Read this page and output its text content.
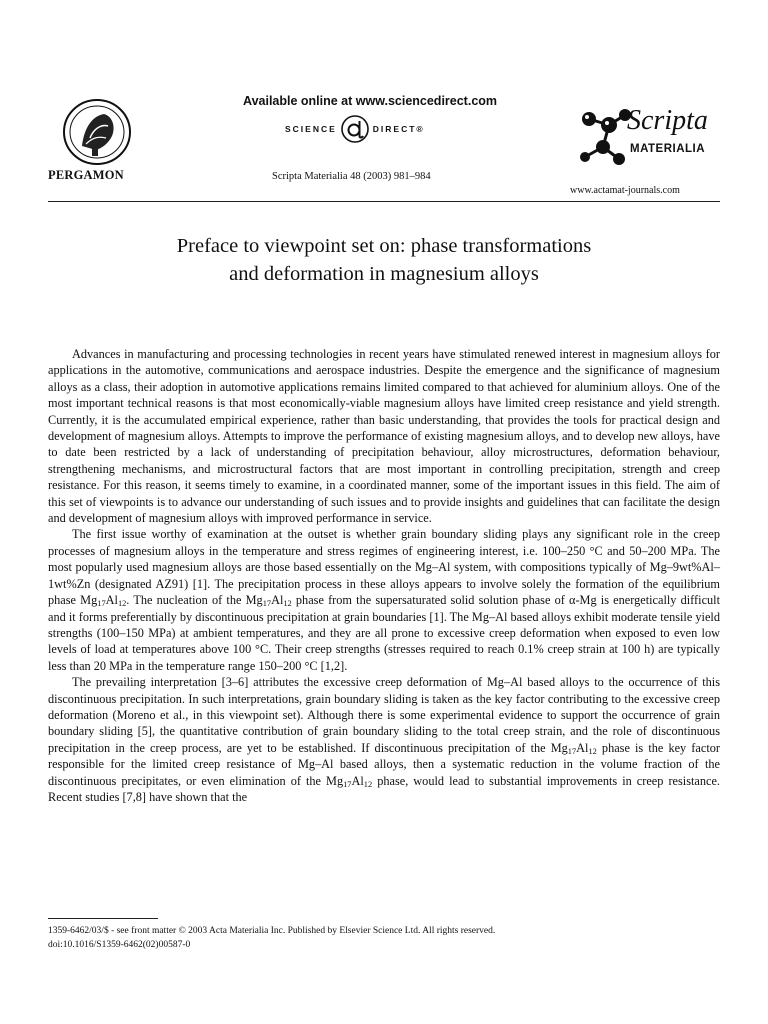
PERGAMON
Available online at www.sciencedirect.com
SCIENCE	DIRECT®
Scripta Materialia 48 (2003) 981–984
Scripta
MATERIALIA
www.actamat-journals.com
Preface to viewpoint set on: phase transformations
and deformation in magnesium alloys

Advances in manufacturing and processing technologies in recent years have stimulated renewed interest in magnesium alloys for applications in the automotive, communications and aerospace industries. Despite the emergence and the significance of magnesium alloys as a class, their adoption in automotive applications remains limited compared to that achieved for aluminium alloys. One of the most important technical reasons is that most economically-viable magnesium alloys have limited creep resistance and yield strength. Currently, it is the accumulated empirical experience, rather than basic understanding, that provides the tools for practical design and development of magnesium alloys. Attempts to improve the performance of existing magnesium alloys, and to develop new alloys, have to date been restricted by a lack of understanding of precipitation behaviour, alloy microstructures, deformation behaviour, strengthening mechanisms, and microstructural factors that are most important in controlling precipitation, strength and creep resistance. For this reason, it seems timely to examine, in a coordinated manner, some of the important issues in this field. The aim of this set of viewpoints is to advance our understanding of such issues and to provide insights and guidelines that can facilitate the design and development of magnesium alloys with improved performance in service.

The first issue worthy of examination at the outset is whether grain boundary sliding plays any significant role in the creep processes of magnesium alloys in the temperature and stress regimes of engineering interest, i.e. 100–250 °C and 50–200 MPa. The most popularly used magnesium alloys are those based essentially on the Mg–Al system, with compositions typically of Mg–9wt%Al–1wt%Zn (designated AZ91) [1]. The precipitation process in these alloys appears to involve solely the formation of the equilibrium phase $Mg_{17}Al_{12}$. The nucleation of the $Mg_{17}Al_{12}$ phase from the supersaturated solid solution phase of α-Mg is energetically difficult and it forms preferentially by discontinuous precipitation at grain boundaries [1]. The Mg–Al based alloys exhibit moderate tensile yield strengths (100–150 MPa) at ambient temperatures, and they are all prone to excessive creep deformation when exposed to even low levels of load at temperatures above 100 °C. Their creep strengths (stresses required to reach 0.1% creep strain at 100 h) are typically less than 20 MPa in the temperature range 150–200 °C [1,2].

The prevailing interpretation [3–6] attributes the excessive creep deformation of Mg–Al based alloys to the occurrence of this discontinuous precipitation. In such interpretations, grain boundary sliding is taken as the key factor contributing to the excessive creep deformation (Moreno et al., in this viewpoint set). Although there is some experimental evidence to support the occurrence of grain boundary sliding [5], the quantitative contribution of grain boundary sliding to the total creep strain, and the role of discontinuous precipitation in the creep process, are yet to be established. If discontinuous precipitation of the $Mg_{17}Al_{12}$ phase is the key factor responsible for the limited creep resistance of Mg–Al based alloys, then a systematic reduction in the volume fraction of the discontinuous precipitates, or even elimination of the $Mg_{17}Al_{12}$ phase, would lead to substantial improvements in creep resistance. Recent studies [7,8] have shown that the

1359-6462/03/$ - see front matter © 2003 Acta Materialia Inc. Published by Elsevier Science Ltd. All rights reserved.
doi:10.1016/S1359-6462(02)00587-0
